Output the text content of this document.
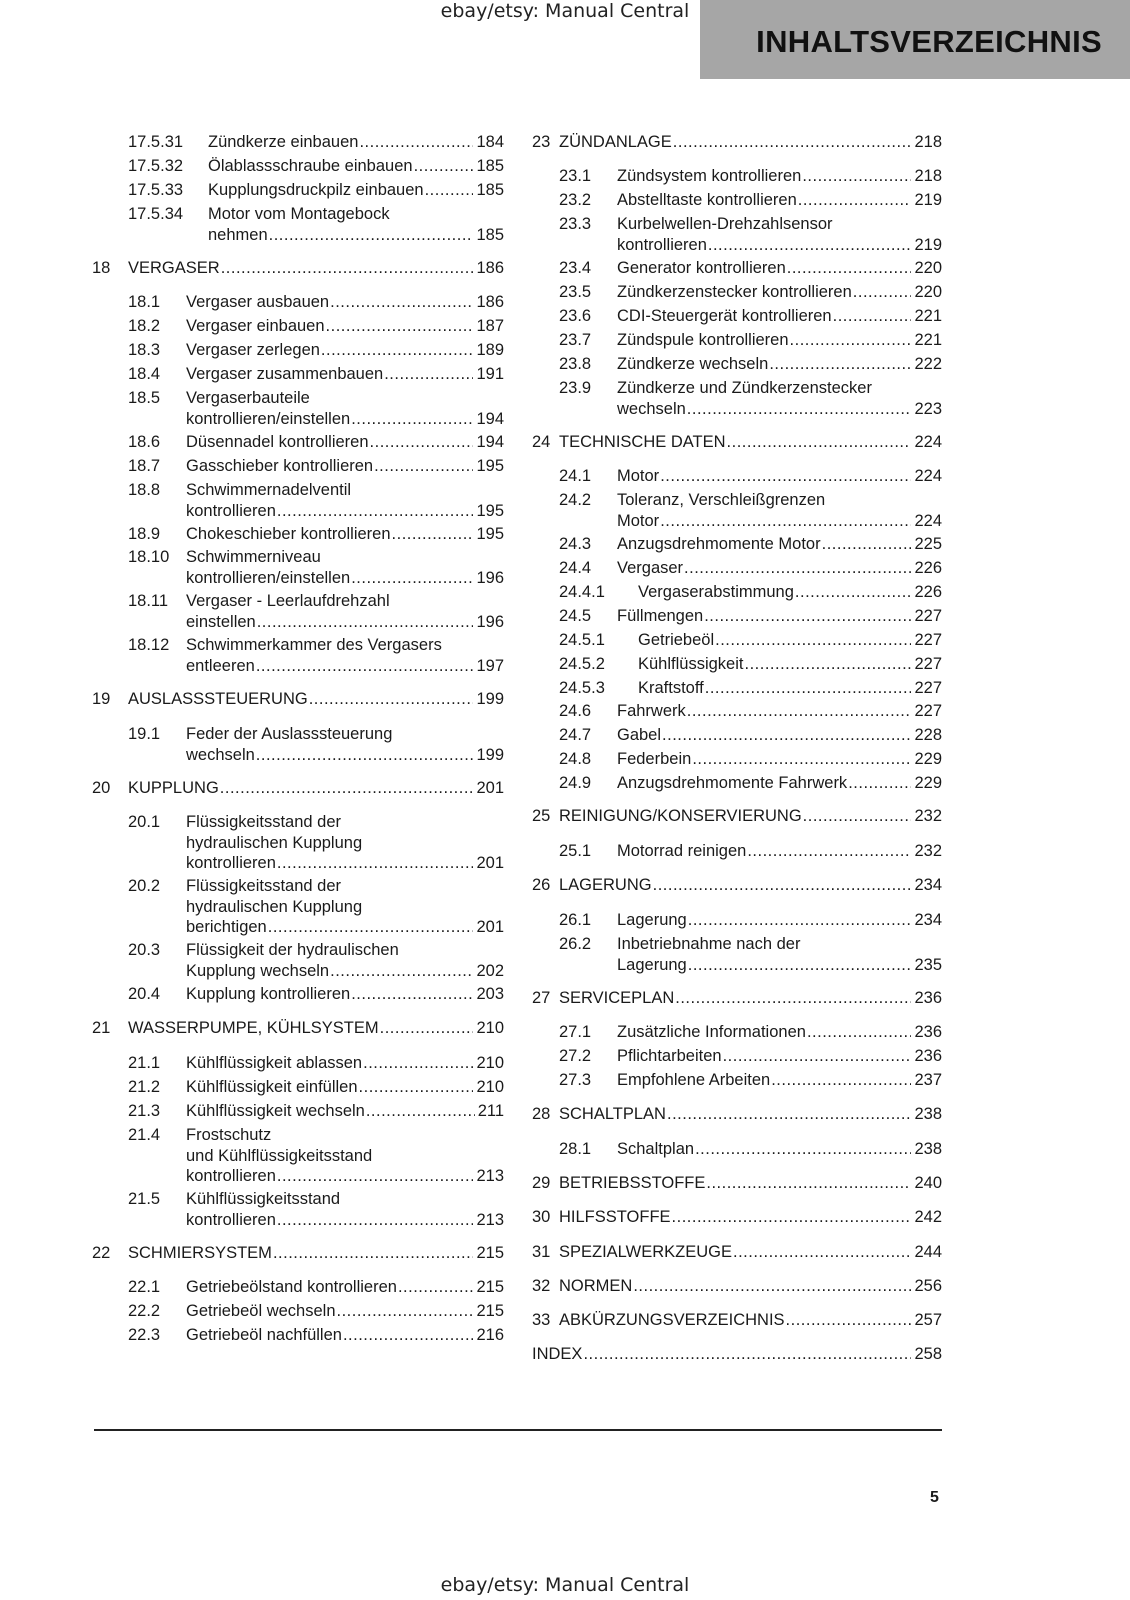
ebay/etsy: Manual Central
INHALTSVERZEICHNIS
17.5.31 Zündkerze einbauen .....	184
17.5.32 Ölablassschraube einbauen .....	185
17.5.33 Kupplungsdruckpilz einbauen .....	185
17.5.34 Motor vom Montagebock
nehmen .....	185
18 VERGASER .....	186
18.1 Vergaser ausbauen .....	186
18.2 Vergaser einbauen .....	187
18.3 Vergaser zerlegen .....	189
18.4 Vergaser zusammenbauen .....	191
18.5 Vergaserbauteile
kontrollieren/einstellen .....	194
18.6 Düsennadel kontrollieren .....	194
18.7 Gasschieber kontrollieren .....	195
18.8 Schwimmernadelventil
kontrollieren .....	195
18.9 Chokeschieber kontrollieren .....	195
18.10 Schwimmerniveau
kontrollieren/einstellen .....	196
18.11 Vergaser - Leerlaufdrehzahl
einstellen .....	196
18.12 Schwimmerkammer des Vergasers
entleeren .....	197
19 AUSLASSSTEUERUNG .....	199
19.1 Feder der Auslasssteuerung
wechseln .....	199
20 KUPPLUNG .....	201
20.1 Flüssigkeitsstand der
hydraulischen Kupplung
kontrollieren .....	201
20.2 Flüssigkeitsstand der
hydraulischen Kupplung
berichtigen .....	201
20.3 Flüssigkeit der hydraulischen
Kupplung wechseln .....	202
20.4 Kupplung kontrollieren .....	203
21 WASSERPUMPE, KÜHLSYSTEM .....	210
21.1 Kühlflüssigkeit ablassen .....	210
21.2 Kühlflüssigkeit einfüllen .....	210
21.3 Kühlflüssigkeit wechseln .....	211
21.4 Frostschutz
und Kühlflüssigkeitsstand
kontrollieren .....	213
21.5 Kühlflüssigkeitsstand
kontrollieren .....	213
22 SCHMIERSYSTEM .....	215
22.1 Getriebeölstand kontrollieren .....	215
22.2 Getriebeöl wechseln .....	215
22.3 Getriebeöl nachfüllen .....	216
23 ZÜNDANLAGE .....	218
23.1 Zündsystem kontrollieren .....	218
23.2 Abstelltaste kontrollieren .....	219
23.3 Kurbelwellen-Drehzahlsensor
kontrollieren .....	219
23.4 Generator kontrollieren .....	220
23.5 Zündkerzenstecker kontrollieren .....	220
23.6 CDI-Steuergerät kontrollieren .....	221
23.7 Zündspule kontrollieren .....	221
23.8 Zündkerze wechseln .....	222
23.9 Zündkerze und Zündkerzenstecker
wechseln .....	223
24 TECHNISCHE DATEN .....	224
24.1 Motor .....	224
24.2 Toleranz, Verschleißgrenzen
Motor .....	224
24.3 Anzugsdrehmomente Motor .....	225
24.4 Vergaser .....	226
24.4.1 Vergaserabstimmung .....	226
24.5 Füllmengen .....	227
24.5.1 Getriebeöl .....	227
24.5.2 Kühlflüssigkeit .....	227
24.5.3 Kraftstoff .....	227
24.6 Fahrwerk .....	227
24.7 Gabel .....	228
24.8 Federbein .....	229
24.9 Anzugsdrehmomente Fahrwerk .....	229
25 REINIGUNG/KONSERVIERUNG .....	232
25.1 Motorrad reinigen .....	232
26 LAGERUNG .....	234
26.1 Lagerung .....	234
26.2 Inbetriebnahme nach der
Lagerung .....	235
27 SERVICEPLAN .....	236
27.1 Zusätzliche Informationen .....	236
27.2 Pflichtarbeiten .....	236
27.3 Empfohlene Arbeiten .....	237
28 SCHALTPLAN .....	238
28.1 Schaltplan .....	238
29 BETRIEBSSTOFFE .....	240
30 HILFSSTOFFE .....	242
31 SPEZIALWERKZEUGE .....	244
32 NORMEN .....	256
33 ABKÜRZUNGSVERZEICHNIS .....	257
INDEX .....	258
5
ebay/etsy: Manual Central
